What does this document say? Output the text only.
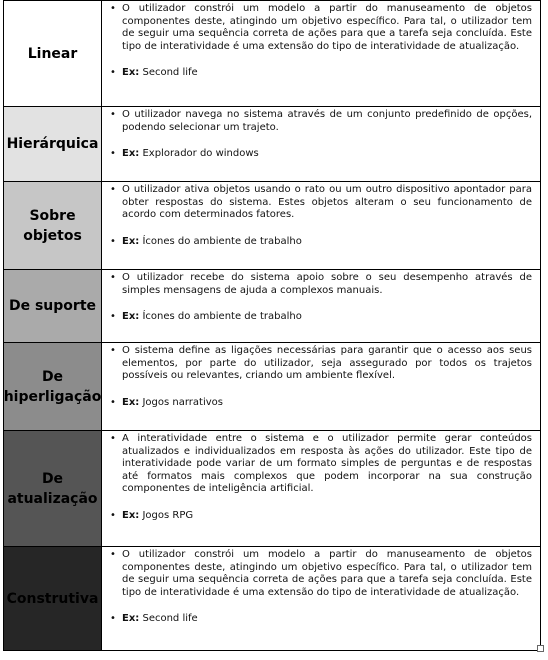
Linear
• O utilizador constrói um modelo a partir do manuseamento de objetos componentes deste, atingindo um objetivo específico. Para tal, o utilizador tem de seguir uma sequência correta de ações para que a tarefa seja concluída. Este tipo de interatividade é uma extensão do tipo de interatividade de atualização.
• Ex: Second life
Hierárquica
• O utilizador navega no sistema através de um conjunto predefinido de opções, podendo selecionar um trajeto.
• Ex: Explorador do windows
Sobre objetos
• O utilizador ativa objetos usando o rato ou um outro dispositivo apontador para obter respostas do sistema. Estes objetos alteram o seu funcionamento de acordo com determinados fatores.
• Ex: Ícones do ambiente de trabalho
De suporte
• O utilizador recebe do sistema apoio sobre o seu desempenho através de simples mensagens de ajuda a complexos manuais.
• Ex: Ícones do ambiente de trabalho
De hiperligação
• O sistema define as ligações necessárias para garantir que o acesso aos seus elementos, por parte do utilizador, seja assegurado por todos os trajetos possíveis ou relevantes, criando um ambiente flexível.
• Ex: Jogos narrativos
De atualização
• A interatividade entre o sistema e o utilizador permite gerar conteúdos atualizados e individualizados em resposta às ações do utilizador. Este tipo de interatividade pode variar de um formato simples de perguntas e de respostas até formatos mais complexos que podem incorporar na sua construção componentes de inteligência artificial.
• Ex: Jogos RPG
Construtiva
• O utilizador constrói um modelo a partir do manuseamento de objetos componentes deste, atingindo um objetivo específico. Para tal, o utilizador tem de seguir uma sequência correta de ações para que a tarefa seja concluída. Este tipo de interatividade é uma extensão do tipo de interatividade de atualização.
• Ex: Second life
